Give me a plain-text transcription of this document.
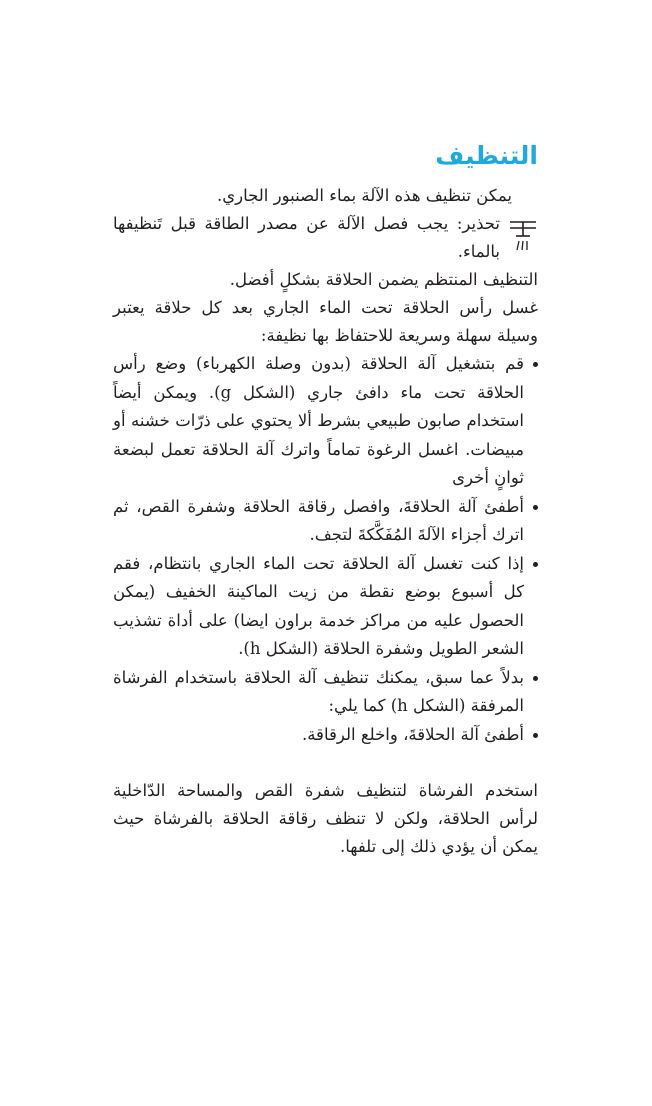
التنظيف

يمكن تنظيف هذه الآلة بماء الصنبور الجاري.

تحذير: يجب فصل الآلة عن مصدر الطاقة قبل تَنظيفها بالماء.

التنظيف المنتظم يضمن الحلاقة بشكلٍ أفضل.

غسل رأس الحلاقة تحت الماء الجاري بعد كل حلاقة يعتبر وسيلة سهلة وسريعة للاحتفاظ بها نظيفة:

قم بتشغيل آلة الحلاقة (بدون وصلة الكهرباء) وضع رأس الحلاقة تحت ماء دافئ جاري (الشكل g). ويمكن أيضاً استخدام صابون طبيعي بشرط ألا يحتوي على ذرّات خشنه أو مبيضات. اغسل الرغوة تماماً واترك آلة الحلاقة تعمل لبضعة ثوانٍ أخرى
أطفئ آلة الحلاقةَ، وافصل رقاقة الحلاقة وشفرة القص، ثم اترك أجزاء الآلةَ المُفَكَّكةَ لتجف.
إذا كنت تغسل آلة الحلاقة تحت الماء الجاري بانتظام، فقم كل أسبوع بوضع نقطة من زيت الماكينة الخفيف (يمكن الحصول عليه من مراكز خدمة براون ايضا) على أداة تشذيب الشعر الطويل وشفرة الحلاقة (الشكل h).
بدلاً عما سبق، يمكنك تنظيف آلة الحلاقة باستخدام الفرشاة المرفقة (الشكل h) كما يلي:
أطفئ آلة الحلاقةَ، واخلع الرقاقة.

استخدم الفرشاة لتنظيف شفرة القص والمساحة الدّاخلية لرأس الحلاقة، ولكن لا تنظف رقاقة الحلاقة بالفرشاة حيث يمكن أن يؤدي ذلك إلى تلفها.
